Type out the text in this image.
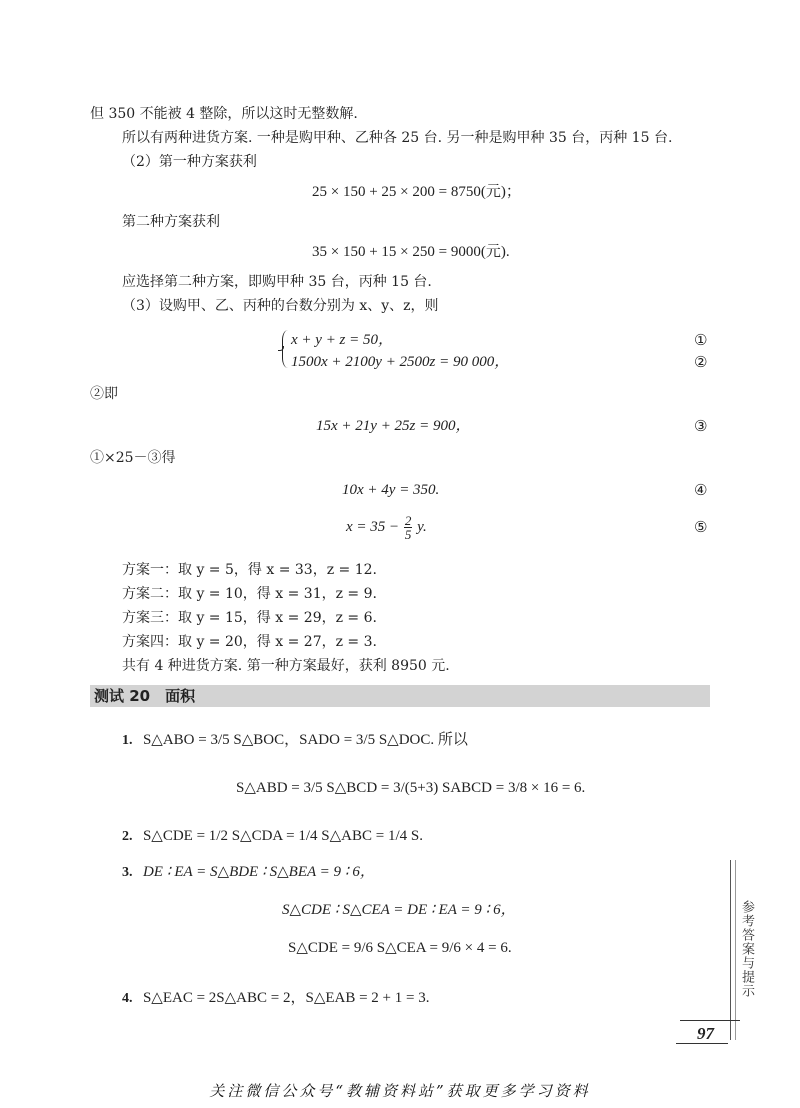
但 350 不能被 4 整除，所以这时无整数解.
所以有两种进货方案. 一种是购甲种、乙种各 25 台. 另一种是购甲种 35 台，丙种 15 台.
（2）第一种方案获利
25 × 150 + 25 × 200 = 8750(元)；
第二种方案获利
35 × 150 + 15 × 250 = 9000(元).
应选择第二种方案，即购甲种 35 台，丙种 15 台.
（3）设购甲、乙、丙种的台数分别为 x、y、z，则
x + y + z = 50，
1500x + 2100y + 2500z = 90 000，
①
②
②即
15x + 21y + 25z = 900，	③
①×25－③得
10x + 4y = 350.	④
$x = 35 - \frac{2}{5} y$.	⑤
方案一：取 y = 5，得 x = 33，z = 12.
方案二：取 y = 10，得 x = 31，z = 9.
方案三：取 y = 15，得 x = 29，z = 6.
方案四：取 y = 20，得 x = 27，z = 3.
共有 4 种进货方案. 第一种方案最好，获利 8950 元.
测试 20　面积
1. S△ABO = 3/5 S△BOC，SADO = 3/5 S△DOC. 所以
S△ABD = 3/5 S△BCD = 3/(5+3) SABCD = 3/8 × 16 = 6.
2. S△CDE = 1/2 S△CDA = 1/4 S△ABC = 1/4 S.
3. DE ∶ EA = S△BDE ∶ S△BEA = 9 ∶ 6，
S△CDE ∶ S△CEA = DE ∶ EA = 9 ∶ 6，
S△CDE = 9/6 S△CEA = 9/6 × 4 = 6.
4. S△EAC = 2S△ABC = 2，S△EAB = 2 + 1 = 3.	参考答案与提示
97
关注微信公众号“教辅资料站”获取更多学习资料
